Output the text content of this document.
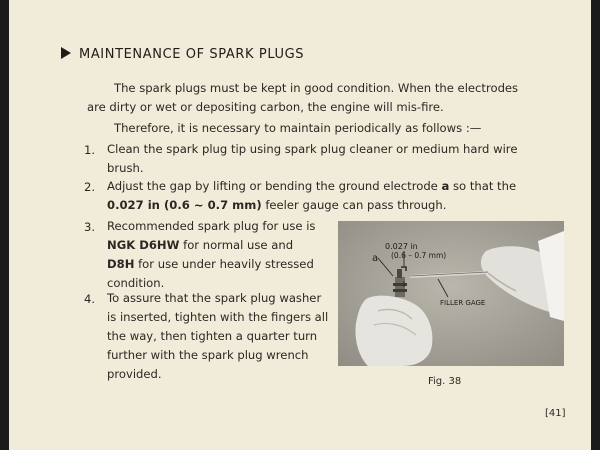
MAINTENANCE OF SPARK PLUGS
The spark plugs must be kept in good condition. When the electrodes
are dirty or wet or depositing carbon, the engine will mis-fire.
Therefore, it is necessary to maintain periodically as follows :—
1. Clean the spark plug tip using spark plug cleaner or medium hard wire
brush.
2. Adjust the gap by lifting or bending the ground electrode a so that the
0.027 in (0.6 ~ 0.7 mm) feeler gauge can pass through.
3. Recommended spark plug for use is
NGK D6HW for normal use and
D8H for use under heavily stressed
condition.
4. To assure that the spark plug washer
is inserted, tighten with the fingers all
the way, then tighten a quarter turn
further with the spark plug wrench
provided.
0.027 in
(0.6 – 0.7 mm)
a
FILLER GAGE
Fig. 38
[41]
